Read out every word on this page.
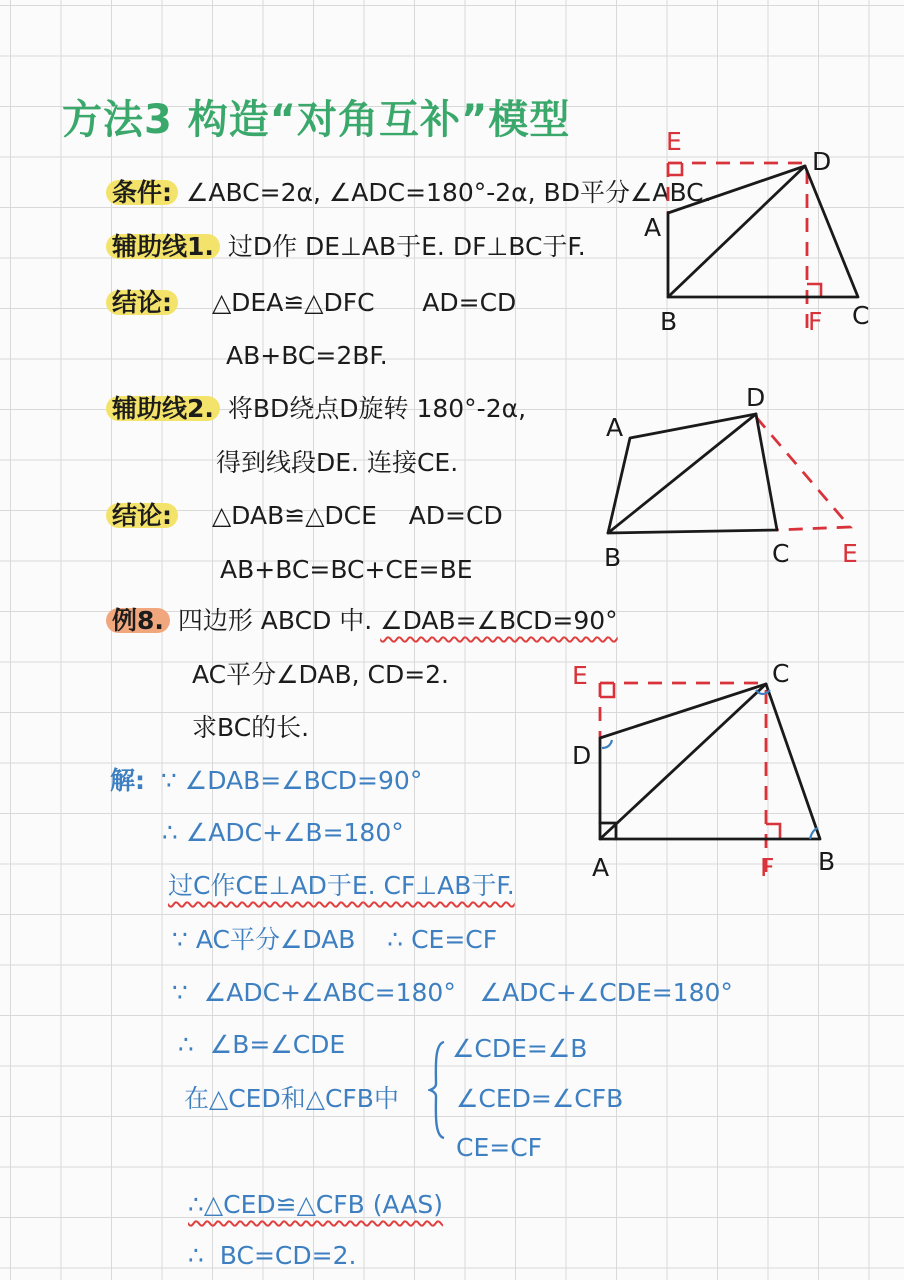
方法3 构造“对角互补”模型
条件: ∠ABC=2α, ∠ADC=180°-2α, BD平分∠ABC.
辅助线1. 过D作 DE⊥AB于E. DF⊥BC于F.
结论: △DEA≌△DFC      AD=CD
AB+BC=2BF.
辅助线2. 将BD绕点D旋转 180°-2α,
得到线段DE. 连接CE.
结论: △DAB≌△DCE    AD=CD
AB+BC=BC+CE=BE
例8. 四边形 ABCD 中. ∠DAB=∠BCD=90°
AC平分∠DAB, CD=2.
求BC的长.
解: ∵ ∠DAB=∠BCD=90°
∴ ∠ADC+∠B=180°
过C作CE⊥AD于E. CF⊥AB于F.
∵ AC平分∠DAB    ∴ CE=CF
∵  ∠ADC+∠ABC=180°   ∠ADC+∠CDE=180°
∴  ∠B=∠CDE
在△CED和△CFB中
∠CDE=∠B
∠CED=∠CFB
CE=CF
∴△CED≌△CFB (AAS)
∴  BC=CD=2.
E
D
A
B	F C
A
D
B	C E
E	C
D
A	F B
